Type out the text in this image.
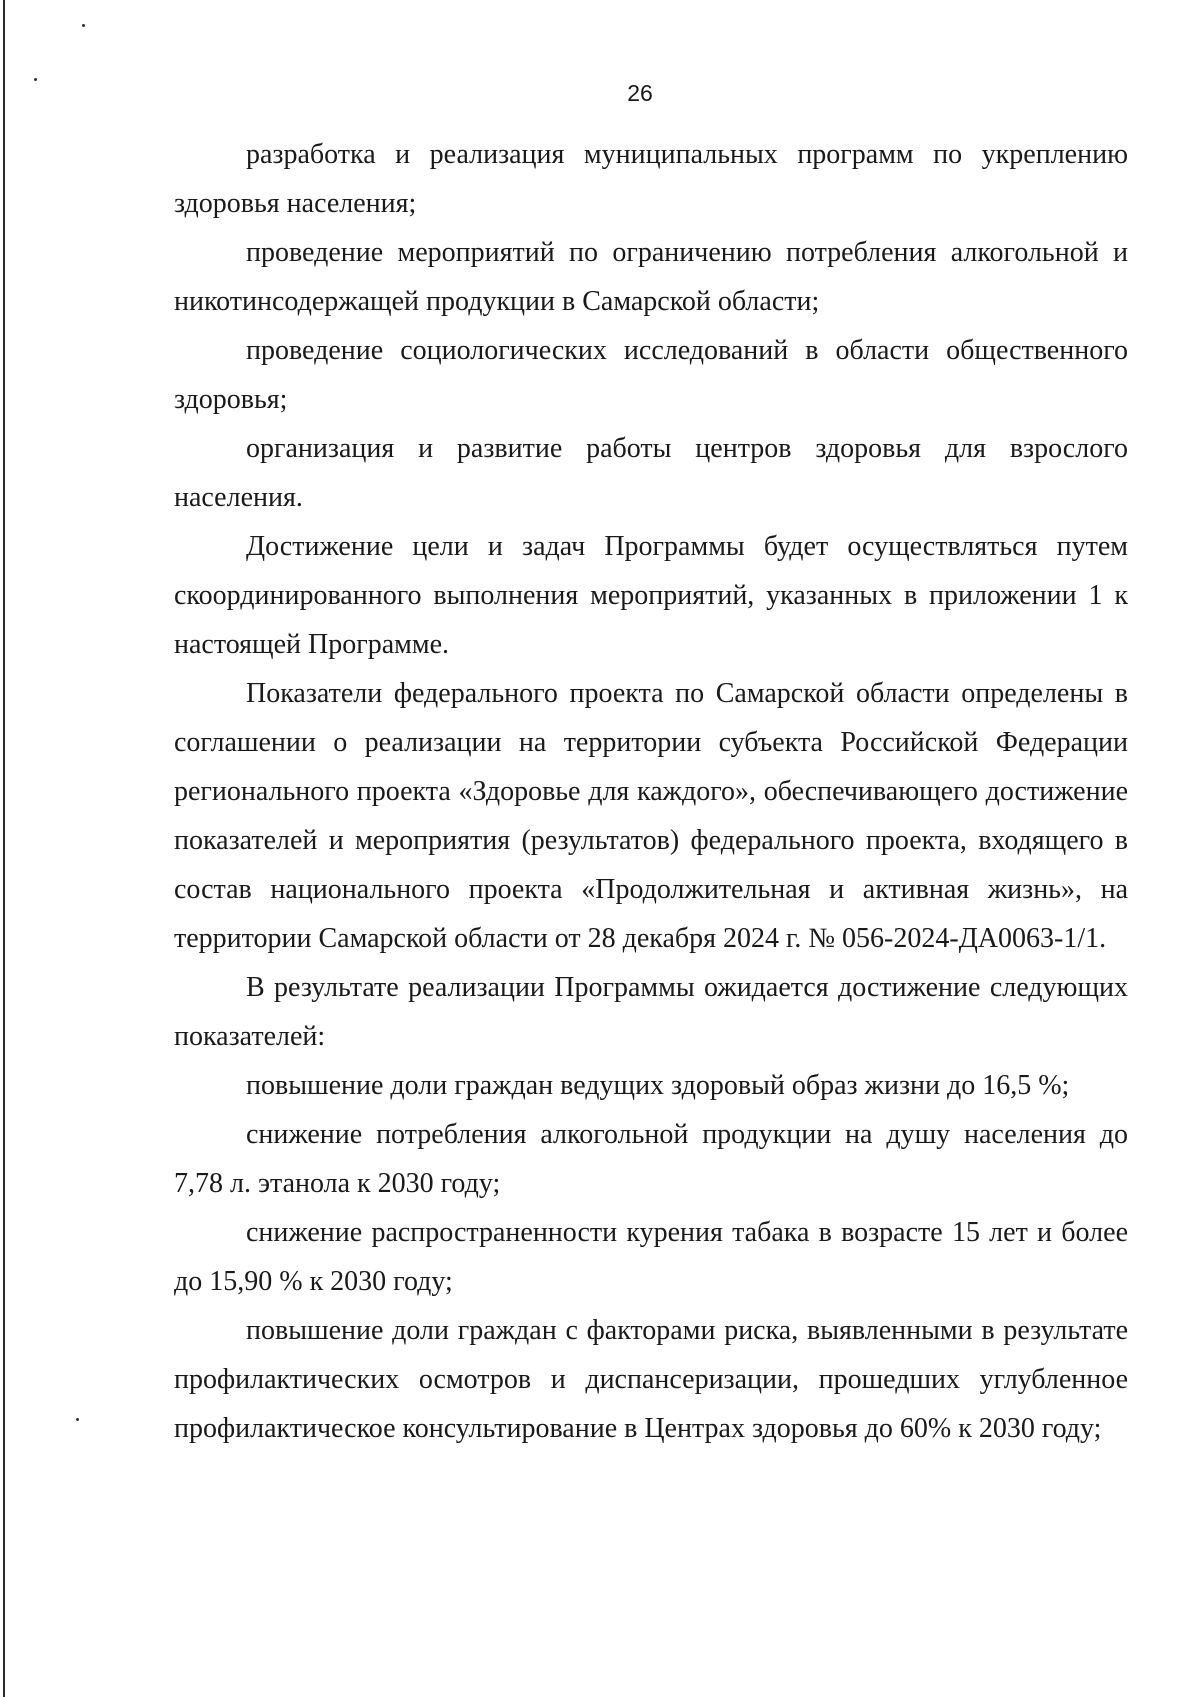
26

разработка и реализация муниципальных программ по укреплению здоровья населения;

проведение мероприятий по ограничению потребления алкогольной и никотинсодержащей продукции в Самарской области;

проведение социологических исследований в области общественного здоровья;

организация и развитие работы центров здоровья для взрослого населения.

Достижение цели и задач Программы будет осуществляться путем скоординированного выполнения мероприятий, указанных в приложении 1 к настоящей Программе.

Показатели федерального проекта по Самарской области определены в соглашении о реализации на территории субъекта Российской Федерации регионального проекта «Здоровье для каждого», обеспечивающего достижение показателей и мероприятия (результатов) федерального проекта, входящего в состав национального проекта «Продолжительная и активная жизнь», на территории Самарской области от 28 декабря 2024 г. № 056-2024-ДА0063-1/1.

В результате реализации Программы ожидается достижение следующих показателей:

повышение доли граждан ведущих здоровый образ жизни до 16,5 %;

снижение потребления алкогольной продукции на душу населения до 7,78 л. этанола к 2030 году;

снижение распространенности курения табака в возрасте 15 лет и более до 15,90 % к 2030 году;

повышение доли граждан с факторами риска, выявленными в результате профилактических осмотров и диспансеризации, прошедших углубленное профилактическое консультирование в Центрах здоровья до 60% к 2030 году;
